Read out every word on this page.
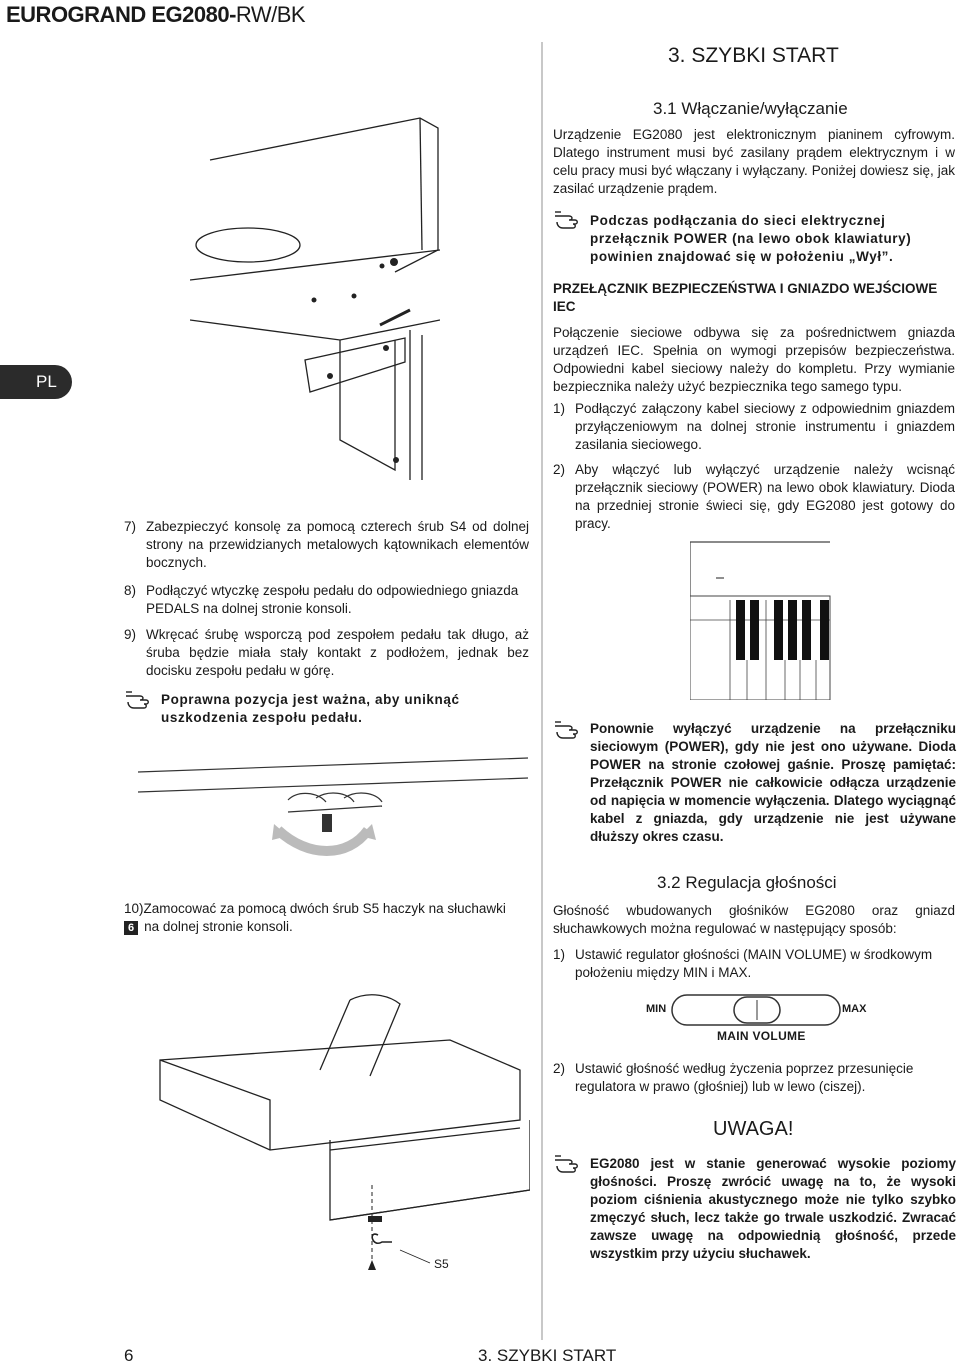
EUROGRAND EG2080-RW/BK
3. SZYBKI START
PL
3.1 Włączanie/wyłączanie
Urządzenie EG2080 jest elektronicznym pianinem cyfrowym. Dlatego instrument musi być zasilany prądem elektrycznym i w celu pracy musi być włączany i wyłączany. Poniżej dowiesz się, jak zasilać urządzenie prądem.
Podczas podłączania do sieci elektrycznej przełącznik POWER (na lewo obok klawiatury) powinien znajdować się w położeniu „Wył”.
PRZEŁĄCZNIK BEZPIECZEŃSTWA I GNIAZDO WEJŚCIOWE IEC
Połączenie sieciowe odbywa się za pośrednictwem gniazda urządzeń IEC. Spełnia on wymogi przepisów bezpieczeństwa. Odpowiedni kabel sieciowy należy do kompletu. Przy wymianie bezpiecznika należy użyć bezpiecznika tego samego typu.
1) Podłączyć załączony kabel sieciowy z odpowiednim gniazdem przyłączeniowym na dolnej stronie instrumentu i gniazdem zasilania sieciowego.
2) Aby włączyć lub wyłączyć urządzenie należy wcisnąć przełącznik sieciowy (POWER) na lewo obok klawiatury. Dioda na przedniej stronie świeci się, gdy EG2080 jest gotowy do pracy.
Ponownie wyłączyć urządzenie na przełączniku sieciowym (POWER), gdy nie jest ono używane. Dioda POWER na stronie czołowej gaśnie. Proszę pamiętać: Przełącznik POWER nie całkowicie odłącza urządzenie od napięcia w momencie wyłączenia. Dlatego wyciągnąć kabel z gniazda, gdy urządzenie nie jest używane dłuższy okres czasu.
3.2 Regulacja głośności
Głośność wbudowanych głośników EG2080 oraz gniazd słuchawkowych można regulować w następujący sposób:
1) Ustawić regulator głośności (MAIN VOLUME) w środkowym położeniu między MIN i MAX.
MIN	MAX
MAIN VOLUME
2) Ustawić głośność według życzenia poprzez przesunięcie regulatora w prawo (głośniej) lub w lewo (ciszej).
UWAGA!
EG2080 jest w stanie generować wysokie poziomy głośności. Proszę zwrócić uwagę na to, że wysoki poziom ciśnienia akustycznego może nie tylko szybko zmęczyć słuch, lecz także go trwale uszkodzić. Zwracać zawsze uwagę na odpowiednią głośność, przede wszystkim przy użyciu słuchawek.
7) Zabezpieczyć konsolę za pomocą czterech śrub S4 od dolnej strony na przewidzianych metalowych kątownikach elementów bocznych.
8) Podłączyć wtyczkę zespołu pedału do odpowiedniego gniazda PEDALS na dolnej stronie konsoli.
9) Wkręcać śrubę wsporczą pod zespołem pedału tak długo, aż śruba będzie miała stały kontakt z podłożem, jednak bez docisku zespołu pedału w górę.
Poprawna pozycja jest ważna, aby uniknąć uszkodzenia zespołu pedału.
10)Zamocować za pomocą dwóch śrub S5 haczyk na słuchawki
6 na dolnej stronie konsoli.
S5
6	3. SZYBKI START
